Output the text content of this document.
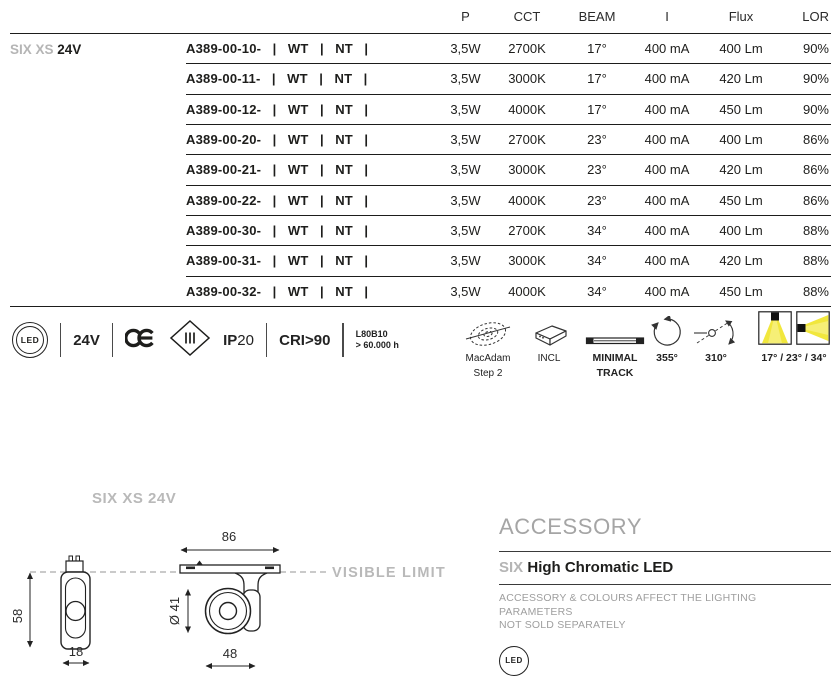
P	CCT	BEAM	I	Flux	LOR
SIX XS 24V	A389-00-10-   |   WT   |   NT   |	3,5W	2700K	17°	400 mA	400 Lm	90%
A389-00-11-   |   WT   |   NT   |	3,5W	3000K	17°	400 mA	420 Lm	90%
A389-00-12-   |   WT   |   NT   |	3,5W	4000K	17°	400 mA	450 Lm	90%
A389-00-20-   |   WT   |   NT   |	3,5W	2700K	23°	400 mA	400 Lm	86%
A389-00-21-   |   WT   |   NT   |	3,5W	3000K	23°	400 mA	420 Lm	86%
A389-00-22-   |   WT   |   NT   |	3,5W	4000K	23°	400 mA	450 Lm	86%
A389-00-30-   |   WT   |   NT   |	3,5W	2700K	34°	400 mA	400 Lm	88%
A389-00-31-   |   WT   |   NT   |	3,5W	3000K	34°	400 mA	420 Lm	88%
A389-00-32-   |   WT   |   NT   |	3,5W	4000K	34°	400 mA	450 Lm	88%
LED	24V	IP20 CRI>90	L80B10
> 60.000 h
MacAdam
Step 2
INCL	MINIMAL
TRACK
355°	310°	17° / 23° / 34°
SIX XS 24V
VISIBLE LIMIT
58
18
86
Ø 41
48
ACCESSORY
SIX High Chromatic LED
ACCESSORY & COLOURS AFFECT THE LIGHTING PARAMETERS
NOT SOLD SEPARATELY
LED
